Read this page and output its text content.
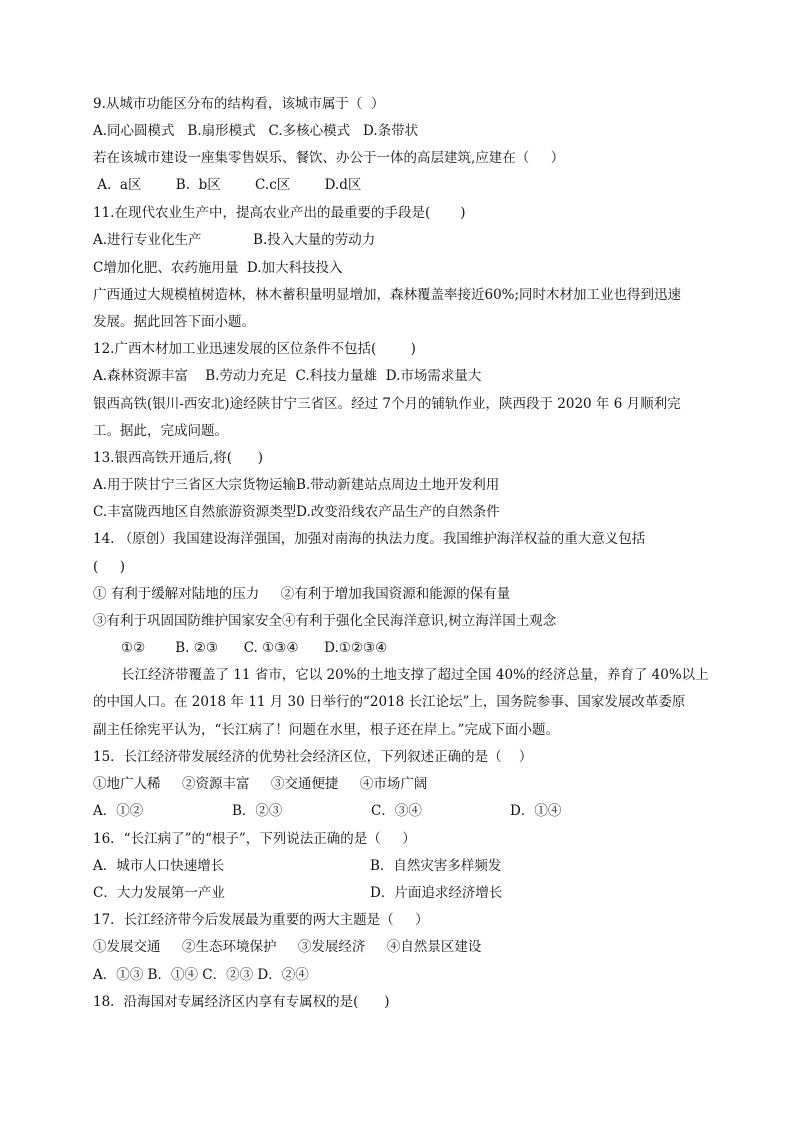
9.从城市功能区分布的结构看，该城市属于（  ）

A.同心圆模式   B.扇形模式   C.多核心模式   D.条带状

若在该城市建设一座集零售娱乐、餐饮、办公于一体的高层建筑,应建在（     ）

A.  a区        B.  b区        C.c区        D.d区

11.在现代农业生产中，提高农业产出的最重要的手段是(       )

A.进行专业化生产            B.投入大量的劳动力

C增加化肥、农药施用量  D.加大科技投入

广西通过大规模植树造林，林木蓄积量明显增加，森林覆盖率接近60%;同时木材加工业也得到迅速

发展。据此回答下面小题。

12.广西木材加工业迅速发展的区位条件不包括(        )

A.森林资源丰富    B.劳动力充足  C.科技力量雄  D.市场需求量大

银西高铁(银川-西安北)途经陕甘宁三省区。经过 7个月的铺轨作业，陕西段于 2020 年 6 月顺利完

工。据此，完成问题。

13.银西高铁开通后,将(      )

A.用于陕甘宁三省区大宗货物运输B.带动新建站点周边土地开发利用

C.丰富陇西地区自然旅游资源类型D.改变沿线农产品生产的自然条件

14. （原创）我国建设海洋强国，加强对南海的执法力度。我国维护海洋权益的重大意义包括

(     )

① 有利于缓解对陆地的压力     ②有利于增加我国资源和能源的保有量

③有利于巩固国防维护国家安全④有利于强化全民海洋意识,树立海洋国土观念

①②       B. ②③      C. ①③④      D.①②③④

长江经济带覆盖了 11 省市，它以 20%的土地支撑了超过全国 40%的经济总量，养育了 40%以上

的中国人口。在 2018 年 11 月 30 日举行的“2018 长江论坛”上，国务院参事、国家发展改革委原

副主任徐宪平认为，“长江病了！问题在水里，根子还在岸上。”完成下面小题。

15．长江经济带发展经济的优势社会经济区位，下列叙述正确的是（    ）

①地广人稀     ②资源丰富     ③交通便捷     ④市场广阔

A．①②	B．②③	C．③④	D．①④

16．“长江病了”的“根子”，下列说法正确的是（     ）

A．城市人口快速增长	B．自然灾害多样频发
C．大力发展第一产业	D．片面追求经济增长

17．长江经济带今后发展最为重要的两大主题是（     ）

①发展交通     ②生态环境保护     ③发展经济     ④自然景区建设

A．①③ B．①④ C．②③ D．②④

18．沿海国对专属经济区内享有专属权的是(      )
